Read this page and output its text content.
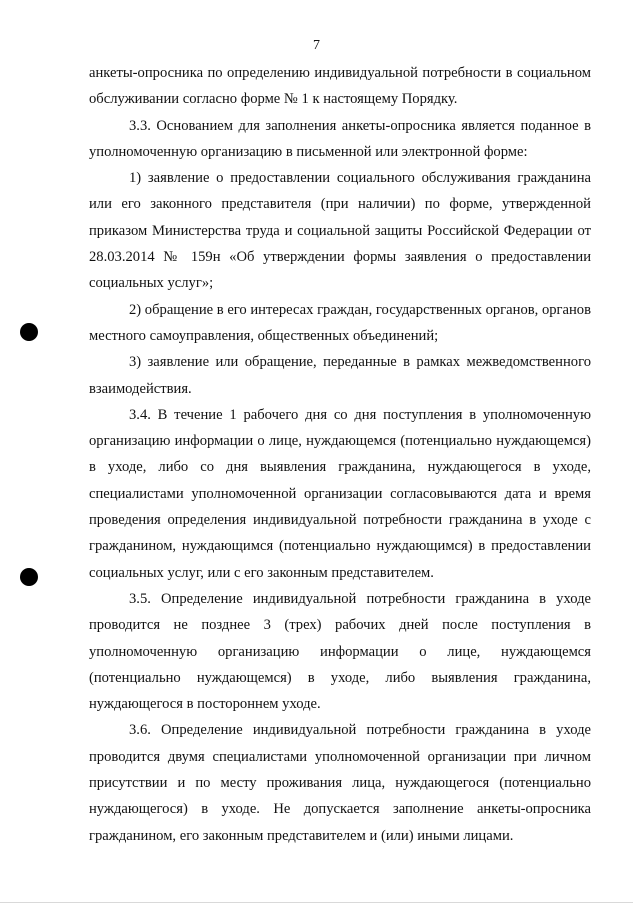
7

анкеты-опросника по определению индивидуальной потребности в социальном обслуживании согласно форме № 1 к настоящему Порядку.

3.3. Основанием для заполнения анкеты-опросника является поданное в уполномоченную организацию в письменной или электронной форме:

1) заявление о предоставлении социального обслуживания гражданина или его законного представителя (при наличии) по форме, утвержденной приказом Министерства труда и социальной защиты Российской Федерации от 28.03.2014 № 159н «Об утверждении формы заявления о предоставлении социальных услуг»;

2) обращение в его интересах граждан, государственных органов, органов местного самоуправления, общественных объединений;

3) заявление или обращение, переданные в рамках межведомственного взаимодействия.

3.4. В течение 1 рабочего дня со дня поступления в уполномоченную организацию информации о лице, нуждающемся (потенциально нуждающемся) в уходе, либо со дня выявления гражданина, нуждающегося в уходе, специалистами уполномоченной организации согласовываются дата и время проведения определения индивидуальной потребности гражданина в уходе с гражданином, нуждающимся (потенциально нуждающимся) в предоставлении социальных услуг, или с его законным представителем.

3.5. Определение индивидуальной потребности гражданина в уходе проводится не позднее 3 (трех) рабочих дней после поступления в уполномоченную организацию информации о лице, нуждающемся (потенциально нуждающемся) в уходе, либо выявления гражданина, нуждающегося в постороннем уходе.

3.6. Определение индивидуальной потребности гражданина в уходе проводится двумя специалистами уполномоченной организации при личном присутствии и по месту проживания лица, нуждающегося (потенциально нуждающегося) в уходе. Не допускается заполнение анкеты-опросника гражданином, его законным представителем и (или) иными лицами.
